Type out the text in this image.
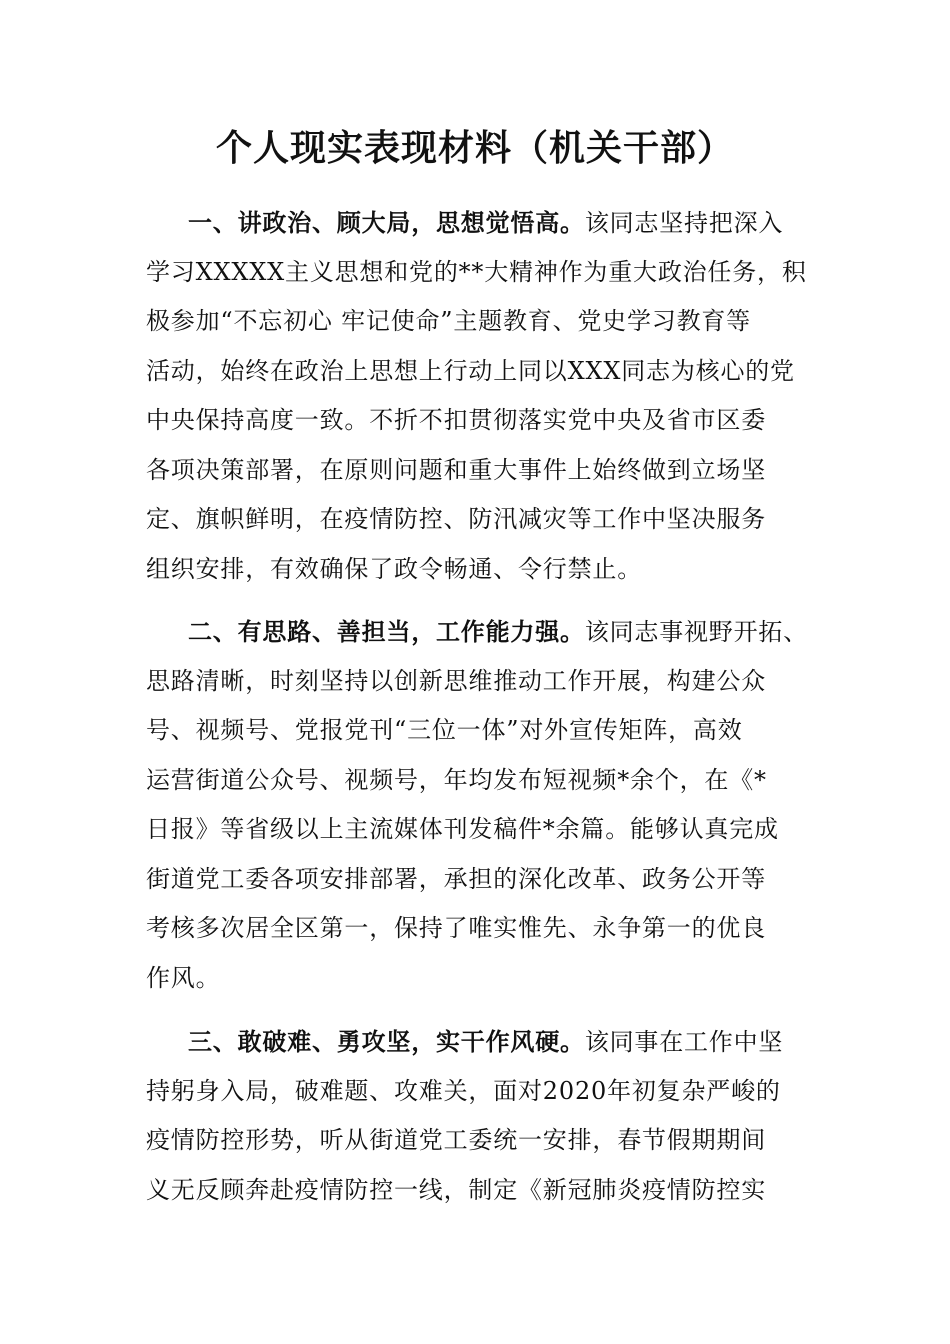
个人现实表现材料（机关干部）
一、讲政治、顾大局，思想觉悟高。该同志坚持把深入
学习XXXXX主义思想和党的**大精神作为重大政治任务，积
极参加“不忘初心 牢记使命”主题教育、党史学习教育等
活动，始终在政治上思想上行动上同以XXX同志为核心的党
中央保持高度一致。不折不扣贯彻落实党中央及省市区委
各项决策部署，在原则问题和重大事件上始终做到立场坚
定、旗帜鲜明，在疫情防控、防汛减灾等工作中坚决服务
组织安排，有效确保了政令畅通、令行禁止。
二、有思路、善担当，工作能力强。该同志事视野开拓、
思路清晰，时刻坚持以创新思维推动工作开展，构建公众
号、视频号、党报党刊“三位一体”对外宣传矩阵，高效
运营街道公众号、视频号，年均发布短视频*余个，在《*
日报》等省级以上主流媒体刊发稿件*余篇。能够认真完成
街道党工委各项安排部署，承担的深化改革、政务公开等
考核多次居全区第一，保持了唯实惟先、永争第一的优良
作风。
三、敢破难、勇攻坚，实干作风硬。该同事在工作中坚
持躬身入局，破难题、攻难关，面对2020年初复杂严峻的
疫情防控形势，听从街道党工委统一安排，春节假期期间
义无反顾奔赴疫情防控一线，制定《新冠肺炎疫情防控实
